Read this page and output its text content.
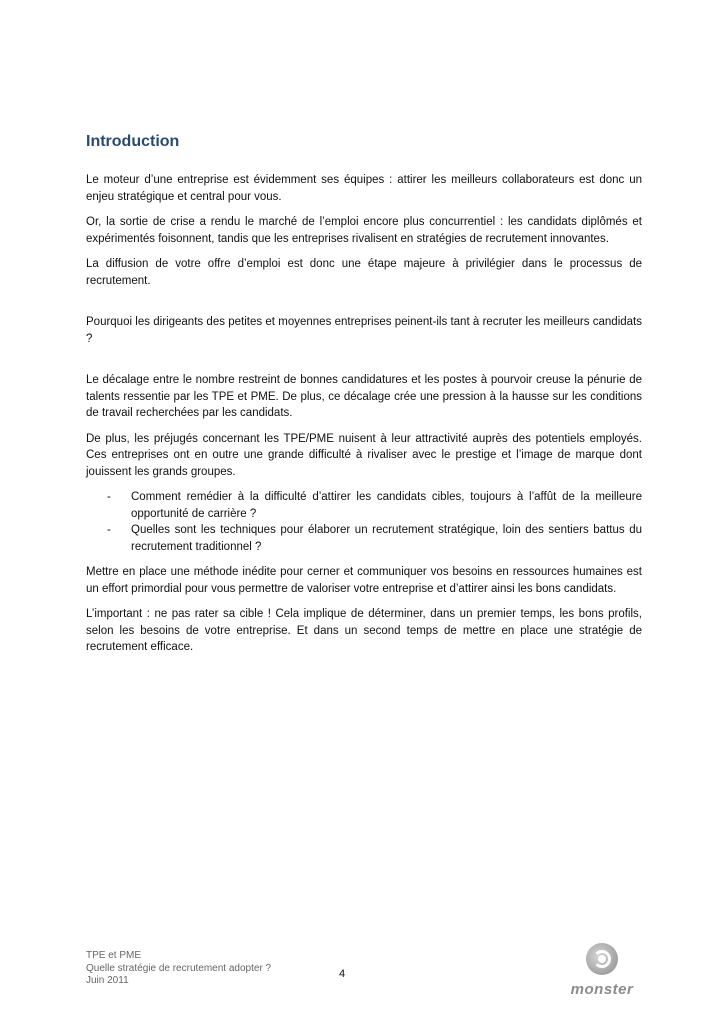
Introduction

Le moteur d’une entreprise est évidemment ses équipes : attirer les meilleurs collaborateurs est donc un enjeu stratégique et central pour vous.

Or, la sortie de crise a rendu le marché de l’emploi encore plus concurrentiel : les candidats diplômés et expérimentés foisonnent, tandis que les entreprises rivalisent en stratégies de recrutement innovantes.

La diffusion de votre offre d’emploi est donc une étape majeure à privilégier dans le processus de recrutement.

Pourquoi les dirigeants des petites et moyennes entreprises peinent-ils tant à recruter les meilleurs candidats ?

Le décalage entre le nombre restreint de bonnes candidatures et les postes à pourvoir creuse la pénurie de talents ressentie par les TPE et PME. De plus, ce décalage crée une pression à la hausse sur les conditions de travail recherchées par les candidats.

De plus, les préjugés concernant les TPE/PME nuisent à leur attractivité auprès des potentiels employés. Ces entreprises ont en outre une grande difficulté à rivaliser avec le prestige et l’image de marque dont jouissent les grands groupes.

- Comment remédier à la difficulté d’attirer les candidats cibles, toujours à l’affût de la meilleure opportunité de carrière ?
- Quelles sont les techniques pour élaborer un recrutement stratégique, loin des sentiers battus du recrutement traditionnel ?

Mettre en place une méthode inédite pour cerner et communiquer vos besoins en ressources humaines est un effort primordial pour vous permettre de valoriser votre entreprise et d’attirer ainsi les bons candidats.

L’important : ne pas rater sa cible ! Cela implique de déterminer, dans un premier temps, les bons profils, selon les besoins de votre entreprise. Et dans un second temps de mettre en place une stratégie de recrutement efficace.

TPE et PME
Quelle stratégie de recrutement adopter ?
Juin 2011
4
monster
